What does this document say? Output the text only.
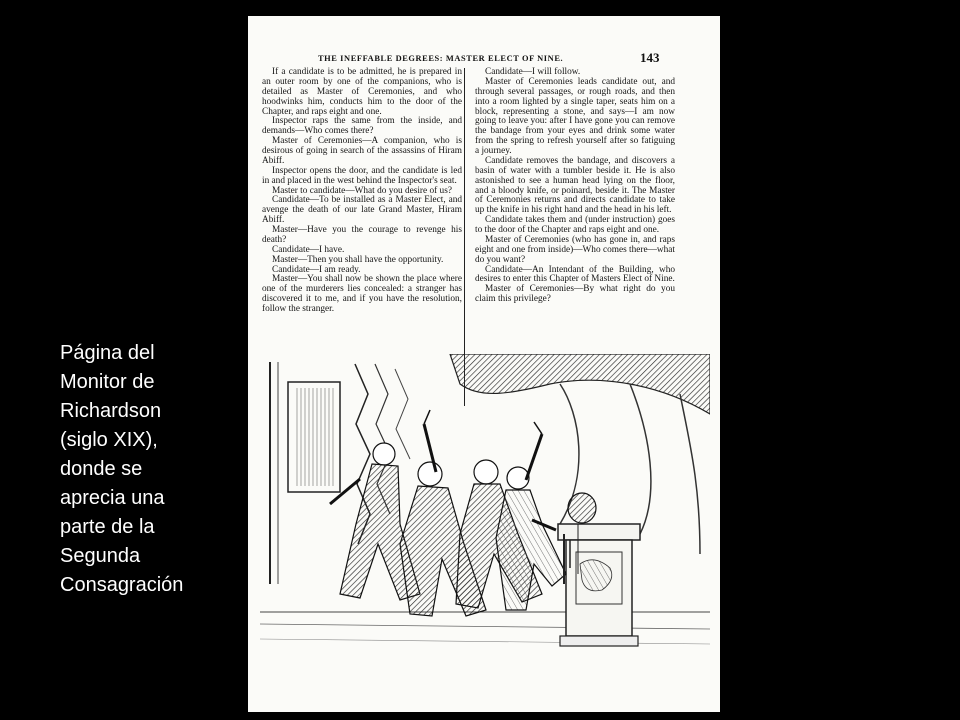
Página del
Monitor de
Richardson
(siglo XIX),
donde se
aprecia una
parte de la
Segunda
Consagración
THE INEFFABLE DEGREES: MASTER ELECT OF NINE.	143

If a candidate is to be admitted, he is prepared in an outer room by one of the companions, who is detailed as Master of Ceremonies, and who hoodwinks him, conducts him to the door of the Chapter, and raps eight and one.

Inspector raps the same from the inside, and demands—Who comes there?

Master of Ceremonies—A companion, who is desirous of going in search of the assassins of Hiram Abiff.

Inspector opens the door, and the candidate is led in and placed in the west behind the Inspector's seat.

Master to candidate—What do you desire of us?

Candidate—To be installed as a Master Elect, and avenge the death of our late Grand Master, Hiram Abiff.

Master—Have you the courage to revenge his death?

Candidate—I have.

Master—Then you shall have the opportunity.

Candidate—I am ready.

Master—You shall now be shown the place where one of the murderers lies concealed: a stranger has discovered it to me, and if you have the resolution, follow the stranger.

Candidate—I will follow.

Master of Ceremonies leads candidate out, and through several passages, or rough roads, and then into a room lighted by a single taper, seats him on a block, representing a stone, and says—I am now going to leave you: after I have gone you can remove the bandage from your eyes and drink some water from the spring to refresh yourself after so fatiguing a journey.

Candidate removes the bandage, and discovers a basin of water with a tumbler beside it. He is also astonished to see a human head lying on the floor, and a bloody knife, or poinard, beside it. The Master of Ceremonies returns and directs candidate to take up the knife in his right hand and the head in his left.

Candidate takes them and (under instruction) goes to the door of the Chapter and raps eight and one.

Master of Ceremonies (who has gone in, and raps eight and one from inside)—Who comes there—what do you want?

Candidate—An Intendant of the Building, who desires to enter this Chapter of Masters Elect of Nine.

Master of Ceremonies—By what right do you claim this privilege?
